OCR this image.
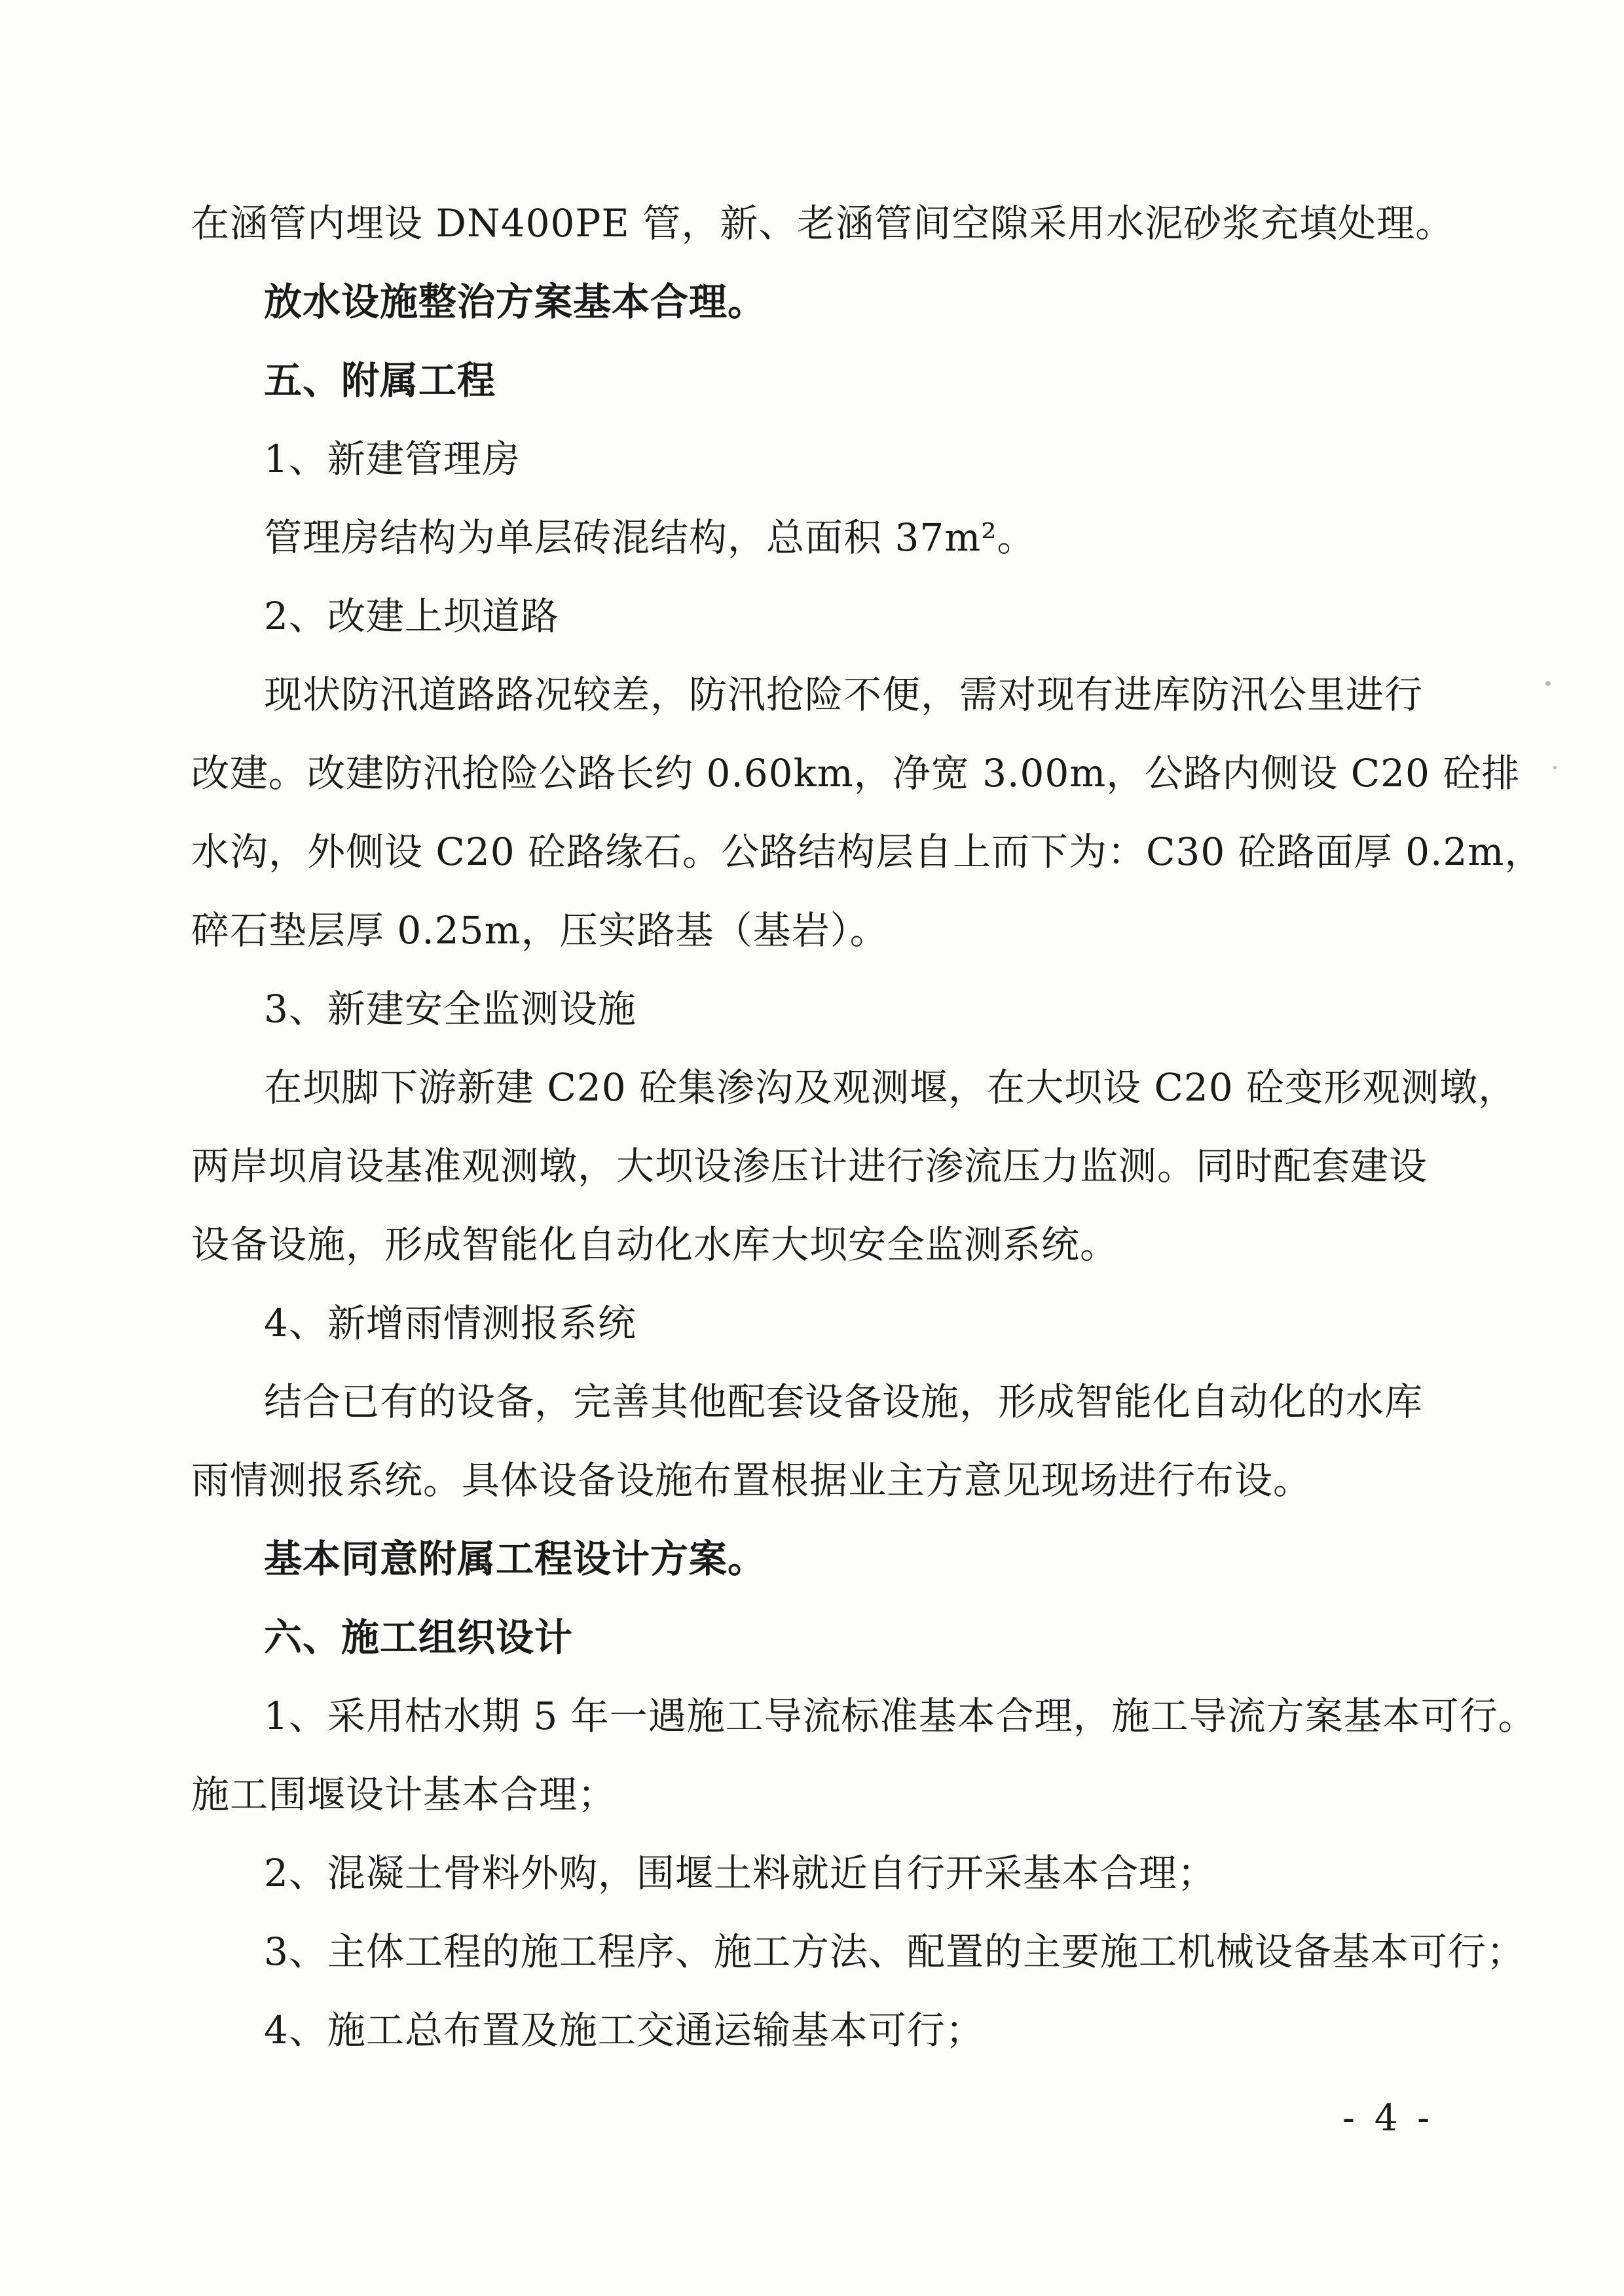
在涵管内埋设 DN400PE 管，新、老涵管间空隙采用水泥砂浆充填处理。
放水设施整治方案基本合理。
五、附属工程
1、新建管理房
管理房结构为单层砖混结构，总面积 37m²。
2、改建上坝道路
现状防汛道路路况较差，防汛抢险不便，需对现有进库防汛公里进行
改建。改建防汛抢险公路长约 0.60km，净宽 3.00m，公路内侧设 C20 砼排
水沟，外侧设 C20 砼路缘石。公路结构层自上而下为：C30 砼路面厚 0.2m，
碎石垫层厚 0.25m，压实路基（基岩）。
3、新建安全监测设施
在坝脚下游新建 C20 砼集渗沟及观测堰，在大坝设 C20 砼变形观测墩，
两岸坝肩设基准观测墩，大坝设渗压计进行渗流压力监测。同时配套建设
设备设施，形成智能化自动化水库大坝安全监测系统。
4、新增雨情测报系统
结合已有的设备，完善其他配套设备设施，形成智能化自动化的水库
雨情测报系统。具体设备设施布置根据业主方意见现场进行布设。
基本同意附属工程设计方案。
六、施工组织设计
1、采用枯水期 5 年一遇施工导流标准基本合理，施工导流方案基本可行。
施工围堰设计基本合理；
2、混凝土骨料外购，围堰土料就近自行开采基本合理；
3、主体工程的施工程序、施工方法、配置的主要施工机械设备基本可行；
4、施工总布置及施工交通运输基本可行；
- 4 -
